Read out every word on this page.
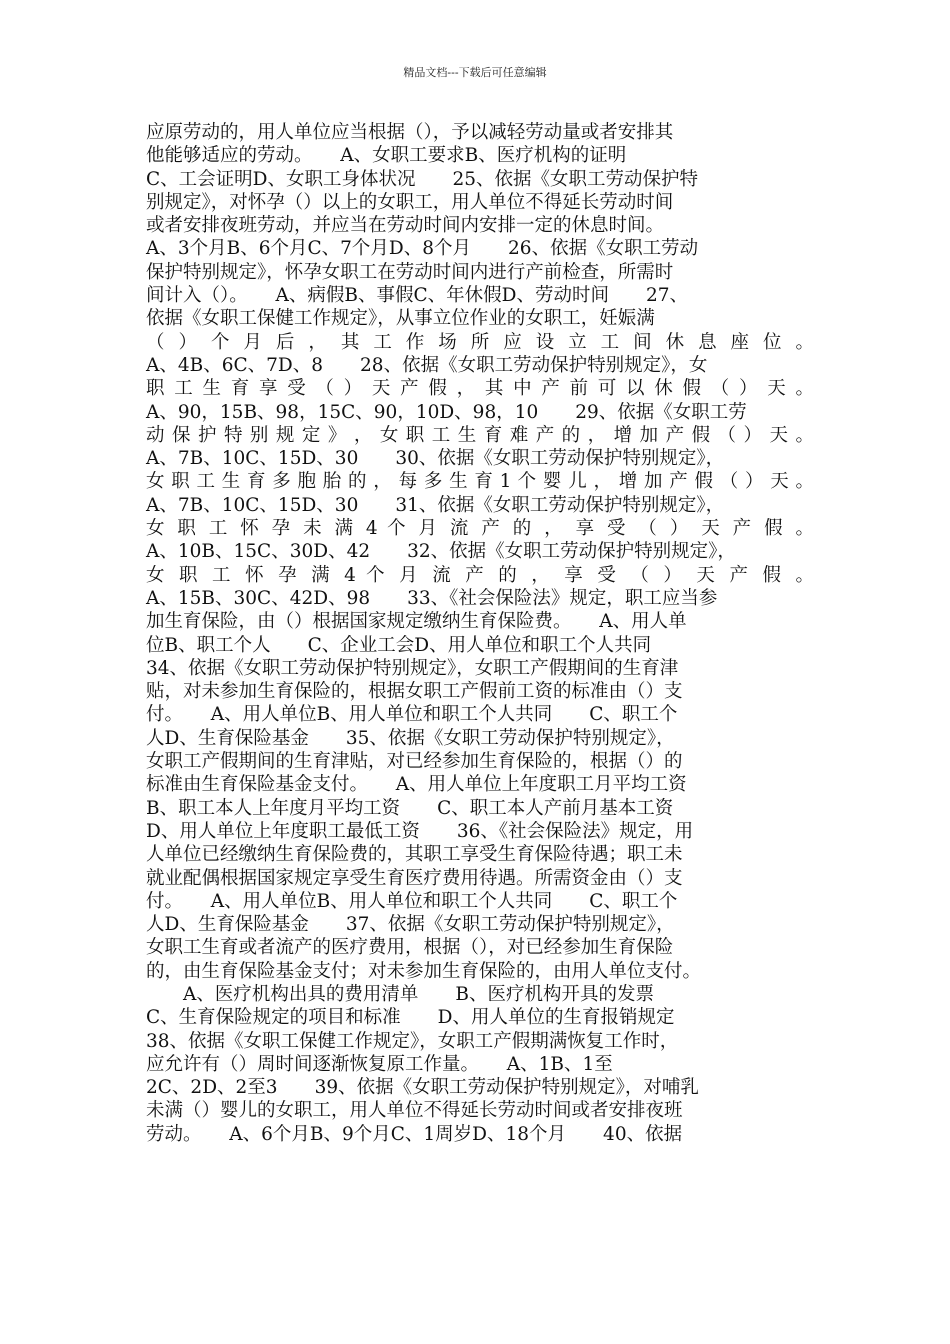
精品文档---下载后可任意编辑
应原劳动的，用人单位应当根据（），予以减轻劳动量或者安排其
他能够适应的劳动。　　A、女职工要求B、医疗机构的证明
C、工会证明D、女职工身体状况　　25、依据《女职工劳动保护特
别规定》，对怀孕（）以上的女职工，用人单位不得延长劳动时间
或者安排夜班劳动，并应当在劳动时间内安排一定的休息时间。
A、3个月B、6个月C、7个月D、8个月　　26、依据《女职工劳动
保护特别规定》，怀孕女职工在劳动时间内进行产前检查，所需时
间计入（）。　　A、病假B、事假C、年休假D、劳动时间　　27、
依据《女职工保健工作规定》，从事立位作业的女职工，妊娠满
（ ） 个 月 后 ， 其 工 作 场 所 应 设 立 工 间 休 息 座 位 。
A、4B、6C、7D、8　　28、依据《女职工劳动保护特别规定》，女
职 工 生 育 享 受 （ ） 天 产 假 ， 其 中 产 前 可 以 休 假 （ ） 天 。
A、90，15B、98，15C、90，10D、98，10　　29、依据《女职工劳
动 保 护 特 别 规 定 》 ， 女 职 工 生 育 难 产 的 ， 增 加 产 假 （ ） 天 。
A、7B、10C、15D、30　　30、依据《女职工劳动保护特别规定》，
女 职 工 生 育 多 胞 胎 的 ， 每 多 生 育 1 个 婴 儿 ， 增 加 产 假 （ ） 天 。
A、7B、10C、15D、30　　31、依据《女职工劳动保护特别规定》，
女 职 工 怀 孕 未 满 4 个 月 流 产 的 ， 享 受 （ ） 天 产 假 。
A、10B、15C、30D、42　　32、依据《女职工劳动保护特别规定》，
女 职 工 怀 孕 满 4 个 月 流 产 的 ， 享 受 （ ） 天 产 假 。
A、15B、30C、42D、98　　33、《社会保险法》规定，职工应当参
加生育保险，由（）根据国家规定缴纳生育保险费。　　A、用人单
位B、职工个人　　C、企业工会D、用人单位和职工个人共同
34、依据《女职工劳动保护特别规定》，女职工产假期间的生育津
贴，对未参加生育保险的，根据女职工产假前工资的标准由（）支
付。　　A、用人单位B、用人单位和职工个人共同　　C、职工个
人D、生育保险基金　　35、依据《女职工劳动保护特别规定》，
女职工产假期间的生育津贴，对已经参加生育保险的，根据（）的
标准由生育保险基金支付。　　A、用人单位上年度职工月平均工资
B、职工本人上年度月平均工资　　C、职工本人产前月基本工资
D、用人单位上年度职工最低工资　　36、《社会保险法》规定，用
人单位已经缴纳生育保险费的，其职工享受生育保险待遇；职工未
就业配偶根据国家规定享受生育医疗费用待遇。所需资金由（）支
付。　　A、用人单位B、用人单位和职工个人共同　　C、职工个
人D、生育保险基金　　37、依据《女职工劳动保护特别规定》，
女职工生育或者流产的医疗费用，根据（），对已经参加生育保险
的，由生育保险基金支付；对未参加生育保险的，由用人单位支付。
　　A、医疗机构出具的费用清单　　B、医疗机构开具的发票
C、生育保险规定的项目和标准　　D、用人单位的生育报销规定
38、依据《女职工保健工作规定》，女职工产假期满恢复工作时，
应允许有（）周时间逐渐恢复原工作量。　　A、1B、1至
2C、2D、2至3　　39、依据《女职工劳动保护特别规定》，对哺乳
未满（）婴儿的女职工，用人单位不得延长劳动时间或者安排夜班
劳动。　　A、6个月B、9个月C、1周岁D、18个月　　40、依据
